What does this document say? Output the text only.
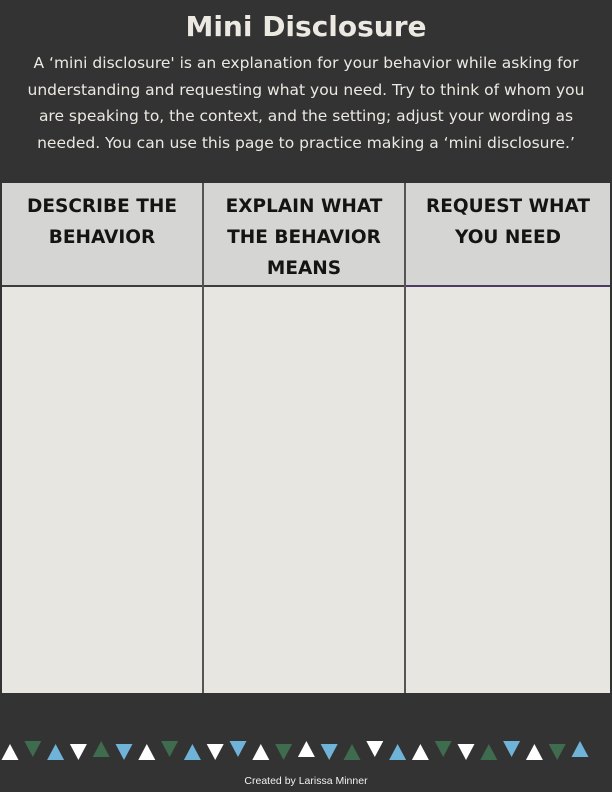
Mini Disclosure
A ‘mini disclosure' is an explanation for your behavior while asking for understanding and requesting what you need. Try to think of whom you are speaking to, the context, and the setting; adjust your wording as needed. You can use this page to practice making a ‘mini disclosure.’
DESCRIBE THE BEHAVIOR
EXPLAIN WHAT THE BEHAVIOR MEANS
REQUEST WHAT YOU NEED
Created by Larissa Minner
